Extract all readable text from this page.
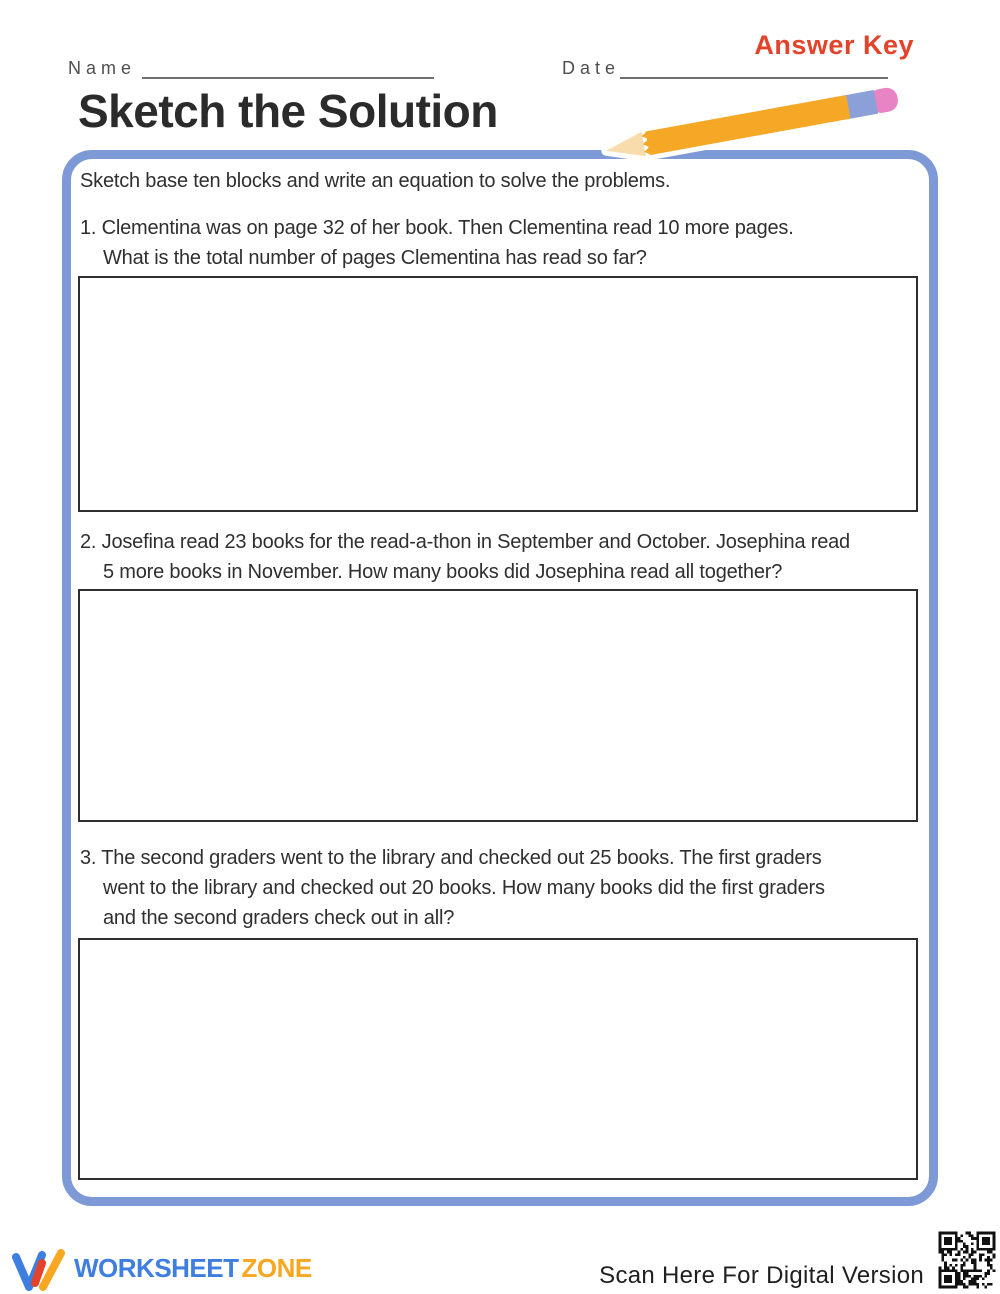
Answer Key
Name	Date
Sketch the Solution
Sketch base ten blocks and write an equation to solve the problems.
1. Clementina was on page 32 of her book. Then Clementina read 10 more pages.
What is the total number of pages Clementina has read so far?
2. Josefina read 23 books for the read-a-thon in September and October. Josephina read
5 more books in November. How many books did Josephina read all together?
3. The second graders went to the library and checked out 25 books. The first graders
went to the library and checked out 20 books. How many books did the first graders
and the second graders check out in all?
WORKSHEET ZONE	Scan Here For Digital Version
